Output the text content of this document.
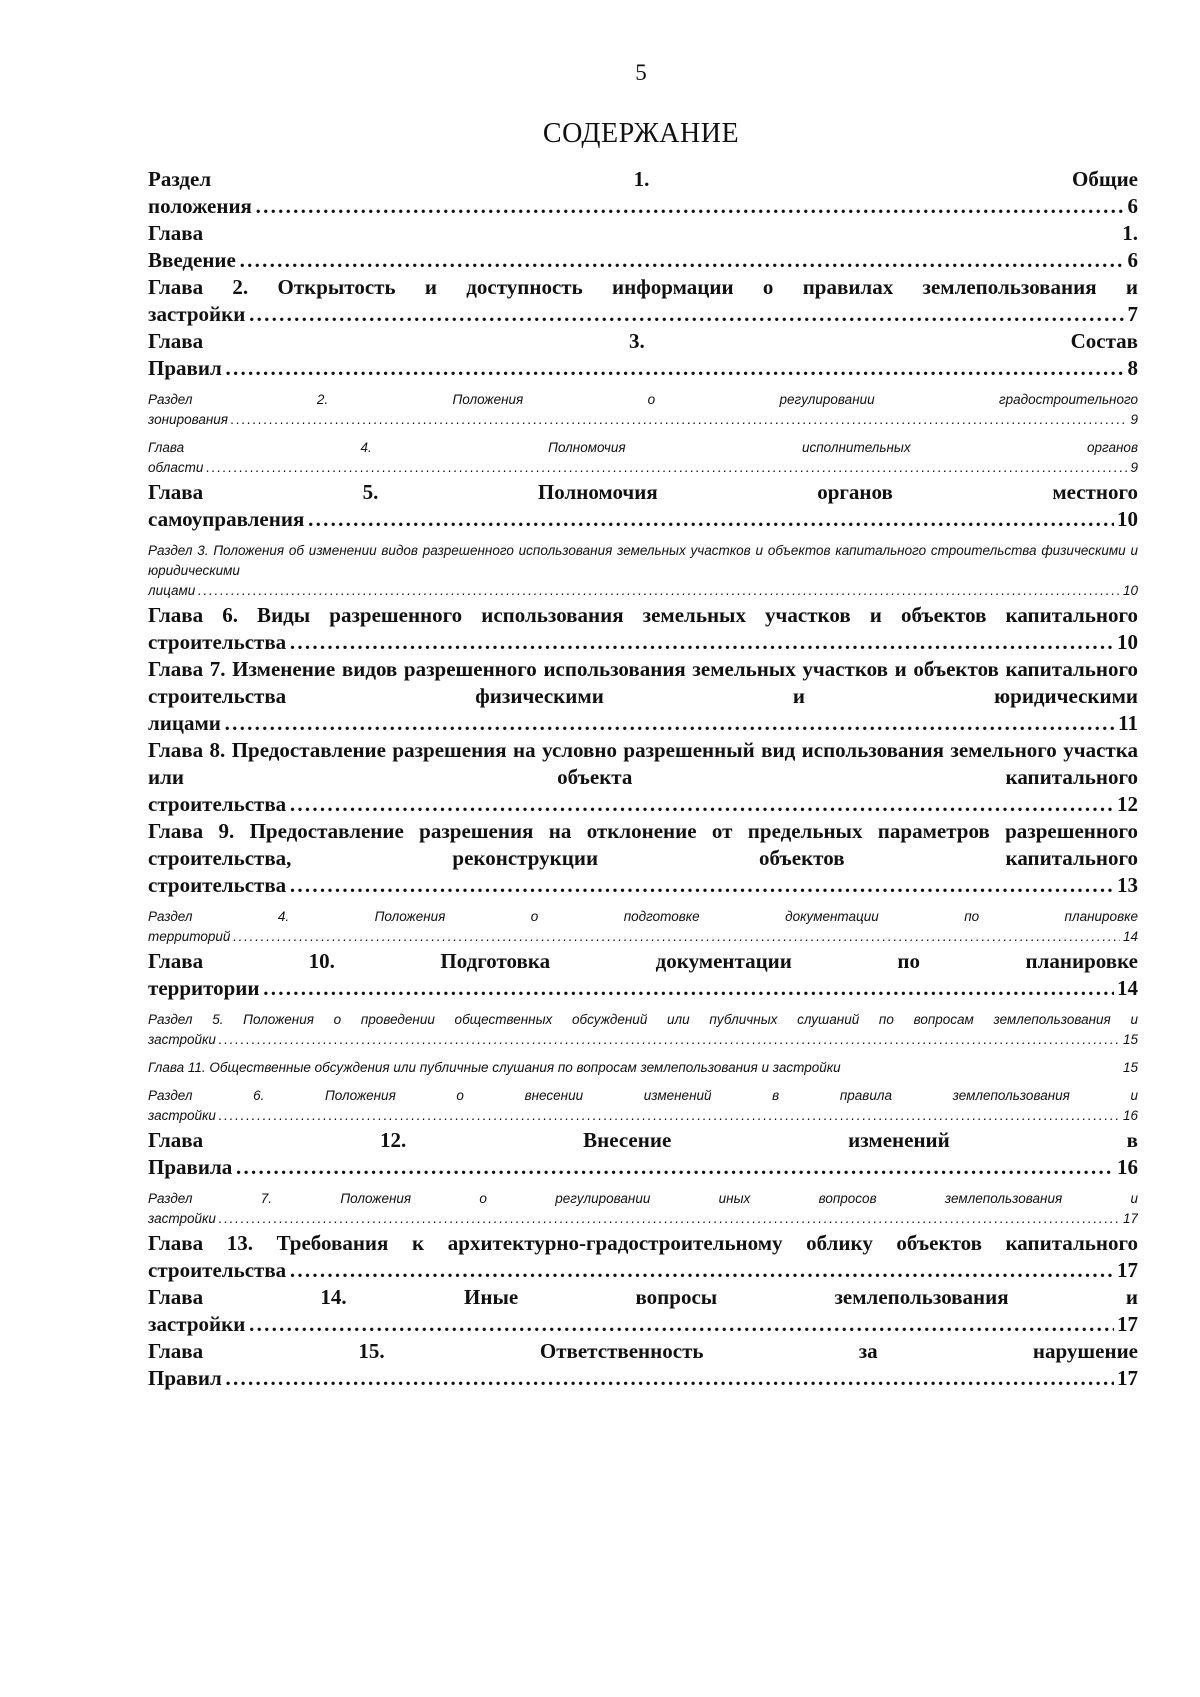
5
СОДЕРЖАНИЕ
Раздел 1. Общие положения . . .	6
Глава 1. Введение . . .	6
Глава 2. Открытость и доступность информации о правилах землепользования и застройки . . .	7
Глава 3. Состав Правил . . .	8
Раздел 2. Положения о регулировании градостроительного зонирования . . .	9
Глава 4. Полномочия исполнительных органов области . . .	9
Глава 5. Полномочия органов местного самоуправления . . .	10
Раздел 3. Положения об изменении видов разрешенного использования земельных участков и объектов капитального строительства физическими и юридическими лицами . . .	10
Глава 6. Виды разрешенного использования земельных участков и объектов капитального строительства . . .	10
Глава 7. Изменение видов разрешенного использования земельных участков и объектов капитального строительства физическими и юридическими лицами . . .	11
Глава 8. Предоставление разрешения на условно разрешенный вид использования земельного участка или объекта капитального строительства . . .	12
Глава 9. Предоставление разрешения на отклонение от предельных параметров разрешенного строительства, реконструкции объектов капитального строительства . . .	13
Раздел 4. Положения о подготовке документации по планировке территорий . . .	14
Глава 10. Подготовка документации по планировке территории . . .	14
Раздел 5. Положения о проведении общественных обсуждений или публичных слушаний по вопросам землепользования и застройки . . .	15
Глава 11. Общественные обсуждения или публичные слушания по вопросам землепользования и застройки	15
Раздел 6. Положения о внесении изменений в правила землепользования и застройки . . .	16
Глава 12. Внесение изменений в Правила . . .	16
Раздел 7. Положения о регулировании иных вопросов землепользования и застройки . . .	17
Глава 13. Требования к архитектурно-градостроительному облику объектов капитального строительства . . .	17
Глава 14. Иные вопросы землепользования и застройки . . .	17
Глава 15. Ответственность за нарушение Правил . . .	17
